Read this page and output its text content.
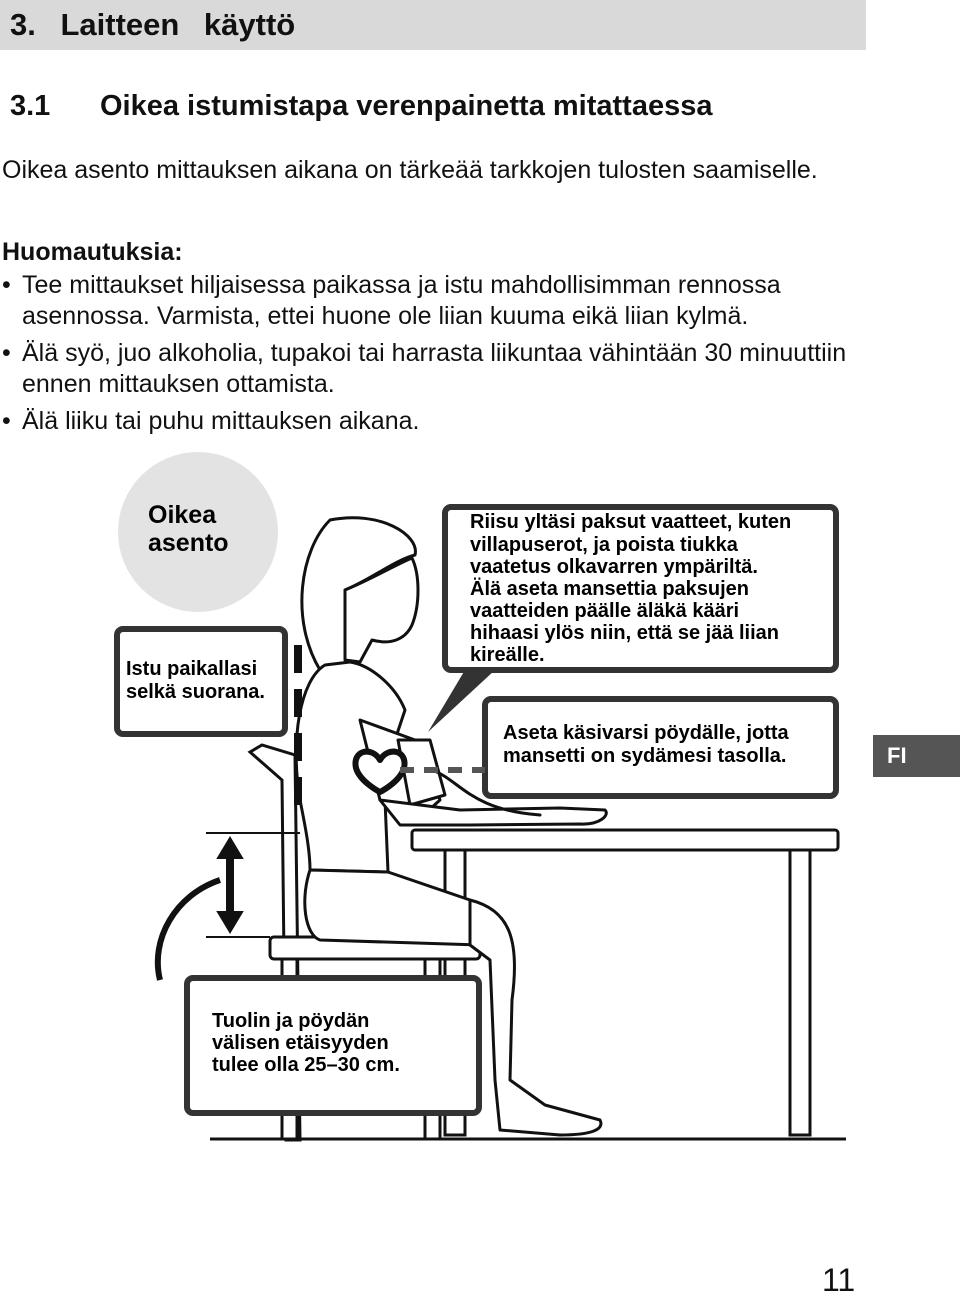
3. Laitteen käyttö
3.1 Oikea istumistapa verenpainetta mitattaessa
Oikea asento mittauksen aikana on tärkeää tarkkojen tulosten saamiselle.
Huomautuksia:
• Tee mittaukset hiljaisessa paikassa ja istu mahdollisimman rennossa asennossa. Varmista, ettei huone ole liian kuuma eikä liian kylmä.
• Älä syö, juo alkoholia, tupakoi tai harrasta liikuntaa vähintään 30 minuuttiin ennen mittauksen ottamista.
• Älä liiku tai puhu mittauksen aikana.
Oikea
asento
Istu paikallasi
selkä suorana.
Riisu yltäsi paksut vaatteet, kuten
villapuserot, ja poista tiukka
vaatetus olkavarren ympäriltä.
Älä aseta mansettia paksujen
vaatteiden päälle äläkä kääri
hihaasi ylös niin, että se jää liian
kireälle.
Aseta käsivarsi pöydälle, jotta
mansetti on sydämesi tasolla.
Tuolin ja pöydän
välisen etäisyyden
tulee olla 25–30 cm.
FI
11
